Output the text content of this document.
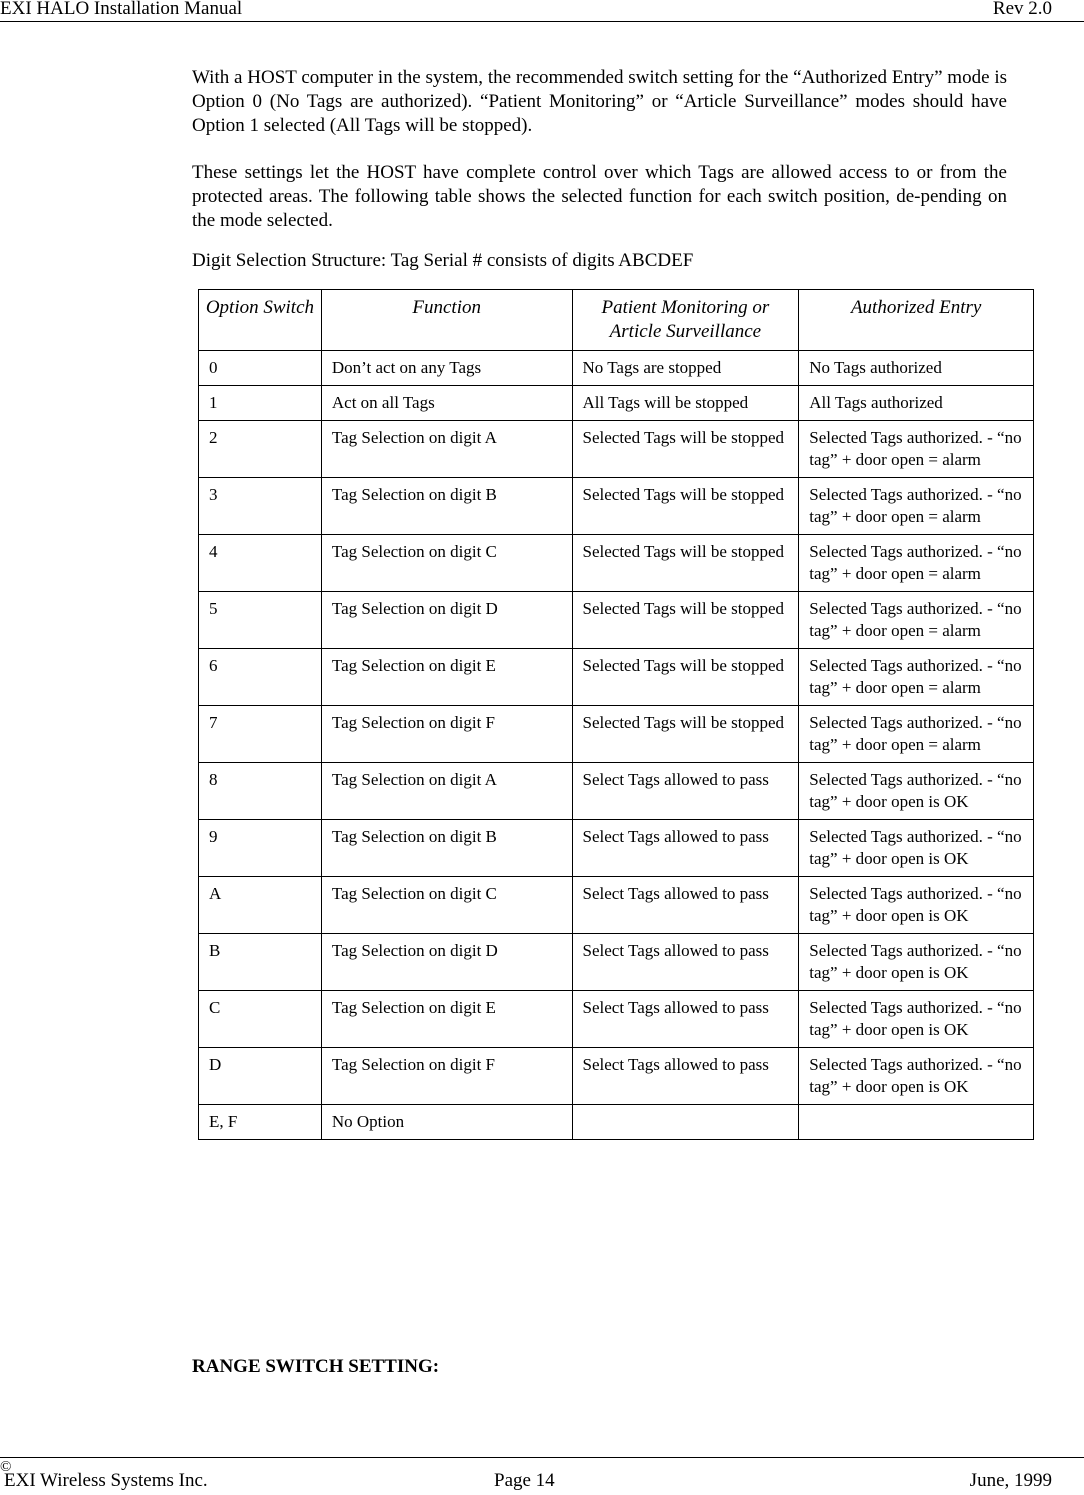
EXI HALO Installation Manual	Rev 2.0

With a HOST computer in the system, the recommended switch setting for the “Authorized Entry” mode is Option 0 (No Tags are authorized). “Patient Monitoring” or “Article Surveillance” modes should have Option 1 selected (All Tags will be stopped).

These settings let the HOST have complete control over which Tags are allowed access to or from the protected areas. The following table shows the selected function for each switch position, de-pending on the mode selected.

Digit Selection Structure: Tag Serial # consists of digits ABCDEF

Option Switch	Function	Patient Monitoring or Article Surveillance	Authorized Entry
0	Don’t act on any Tags	No Tags are stopped	No Tags authorized
1	Act on all Tags	All Tags will be stopped	All Tags authorized
2	Tag Selection on digit A	Selected Tags will be stopped	Selected Tags authorized. - “no tag” + door open = alarm
3	Tag Selection on digit B	Selected Tags will be stopped	Selected Tags authorized. - “no tag” + door open = alarm
4	Tag Selection on digit C	Selected Tags will be stopped	Selected Tags authorized. - “no tag” + door open = alarm
5	Tag Selection on digit D	Selected Tags will be stopped	Selected Tags authorized. - “no tag” + door open = alarm
6	Tag Selection on digit E	Selected Tags will be stopped	Selected Tags authorized. - “no tag” + door open = alarm
7	Tag Selection on digit F	Selected Tags will be stopped	Selected Tags authorized. - “no tag” + door open = alarm
8	Tag Selection on digit A	Select Tags allowed to pass	Selected Tags authorized. - “no tag” + door open is OK
9	Tag Selection on digit B	Select Tags allowed to pass	Selected Tags authorized. - “no tag” + door open is OK
A	Tag Selection on digit C	Select Tags allowed to pass	Selected Tags authorized. - “no tag” + door open is OK
B	Tag Selection on digit D	Select Tags allowed to pass	Selected Tags authorized. - “no tag” + door open is OK
C	Tag Selection on digit E	Select Tags allowed to pass	Selected Tags authorized. - “no tag” + door open is OK
D	Tag Selection on digit F	Select Tags allowed to pass	Selected Tags authorized. - “no tag” + door open is OK
E, F	No Option		
RANGE SWITCH SETTING:
©
EXI Wireless Systems Inc.	Page 14	June, 1999
